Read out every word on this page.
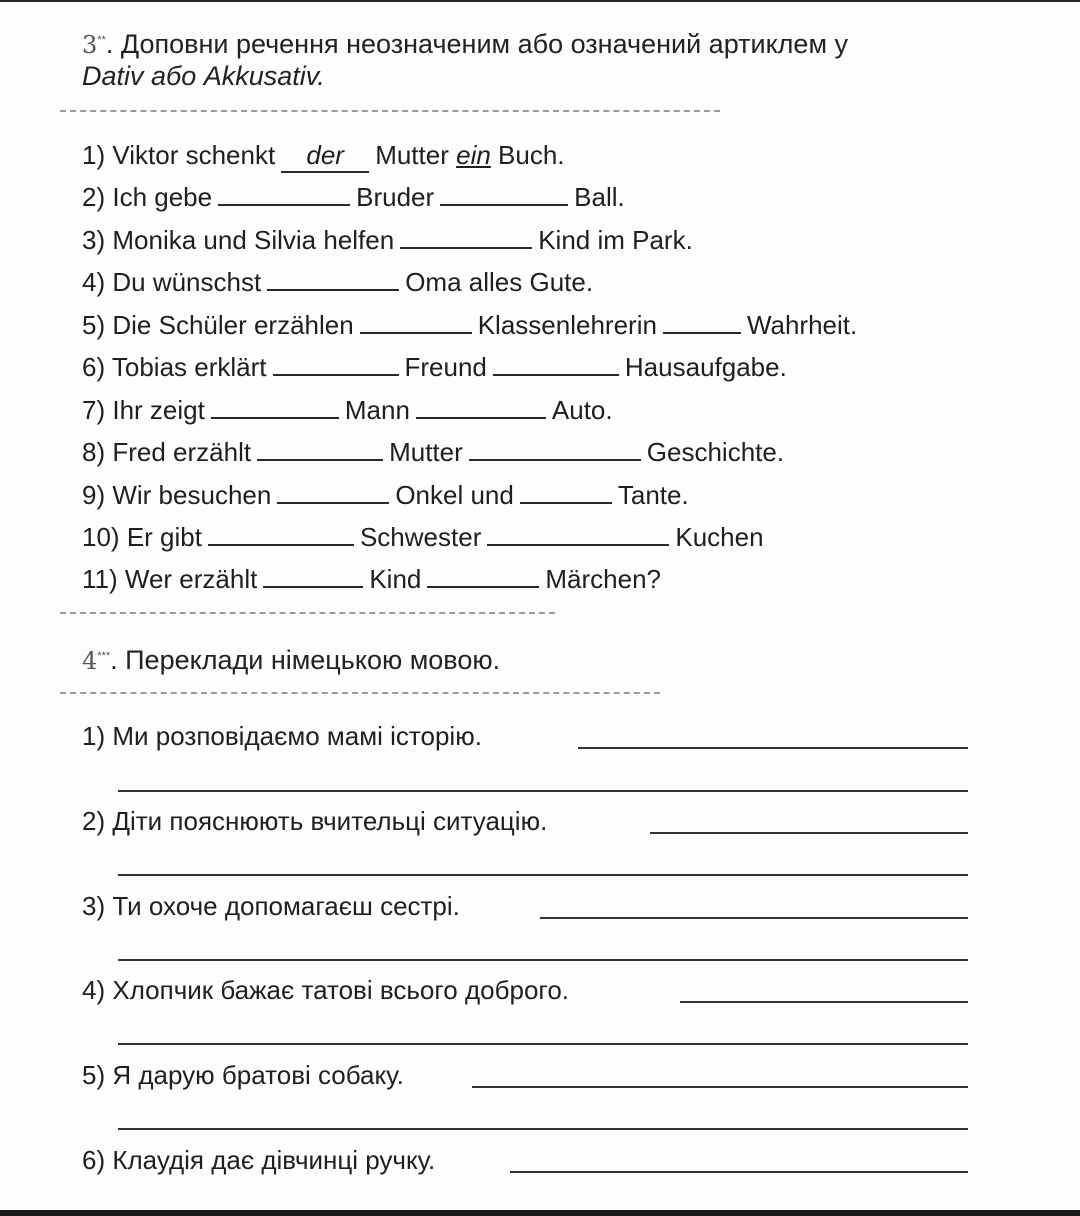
3**. Доповни речення неозначеним або означений артиклем у
Dativ або Akkusativ.
1) Viktor schenkt der Mutter ein Buch.
2) Ich gebe	Bruder	Ball.
3) Monika und Silvia helfen	Kind im Park.
4) Du wünschst	Oma alles Gute.
5) Die Schüler erzählen	Klassenlehrerin	Wahrheit.
6) Tobias erklärt	Freund	Hausaufgabe.
7) Ihr zeigt	Mann	Auto.
8) Fred erzählt	Mutter	Geschichte.
9) Wir besuchen	Onkel und	Tante.
10) Er gibt	Schwester	Kuchen
11) Wer erzählt	Kind	Märchen?
4***. Переклади німецькою мовою.
1) Ми розповідаємо мамі історію.
2) Діти пояснюють вчительці ситуацію.
3) Ти охоче допомагаєш сестрі.
4) Хлопчик бажає татові всього доброго.
5) Я дарую братові собаку.
6) Клаудія дає дівчинці ручку.
